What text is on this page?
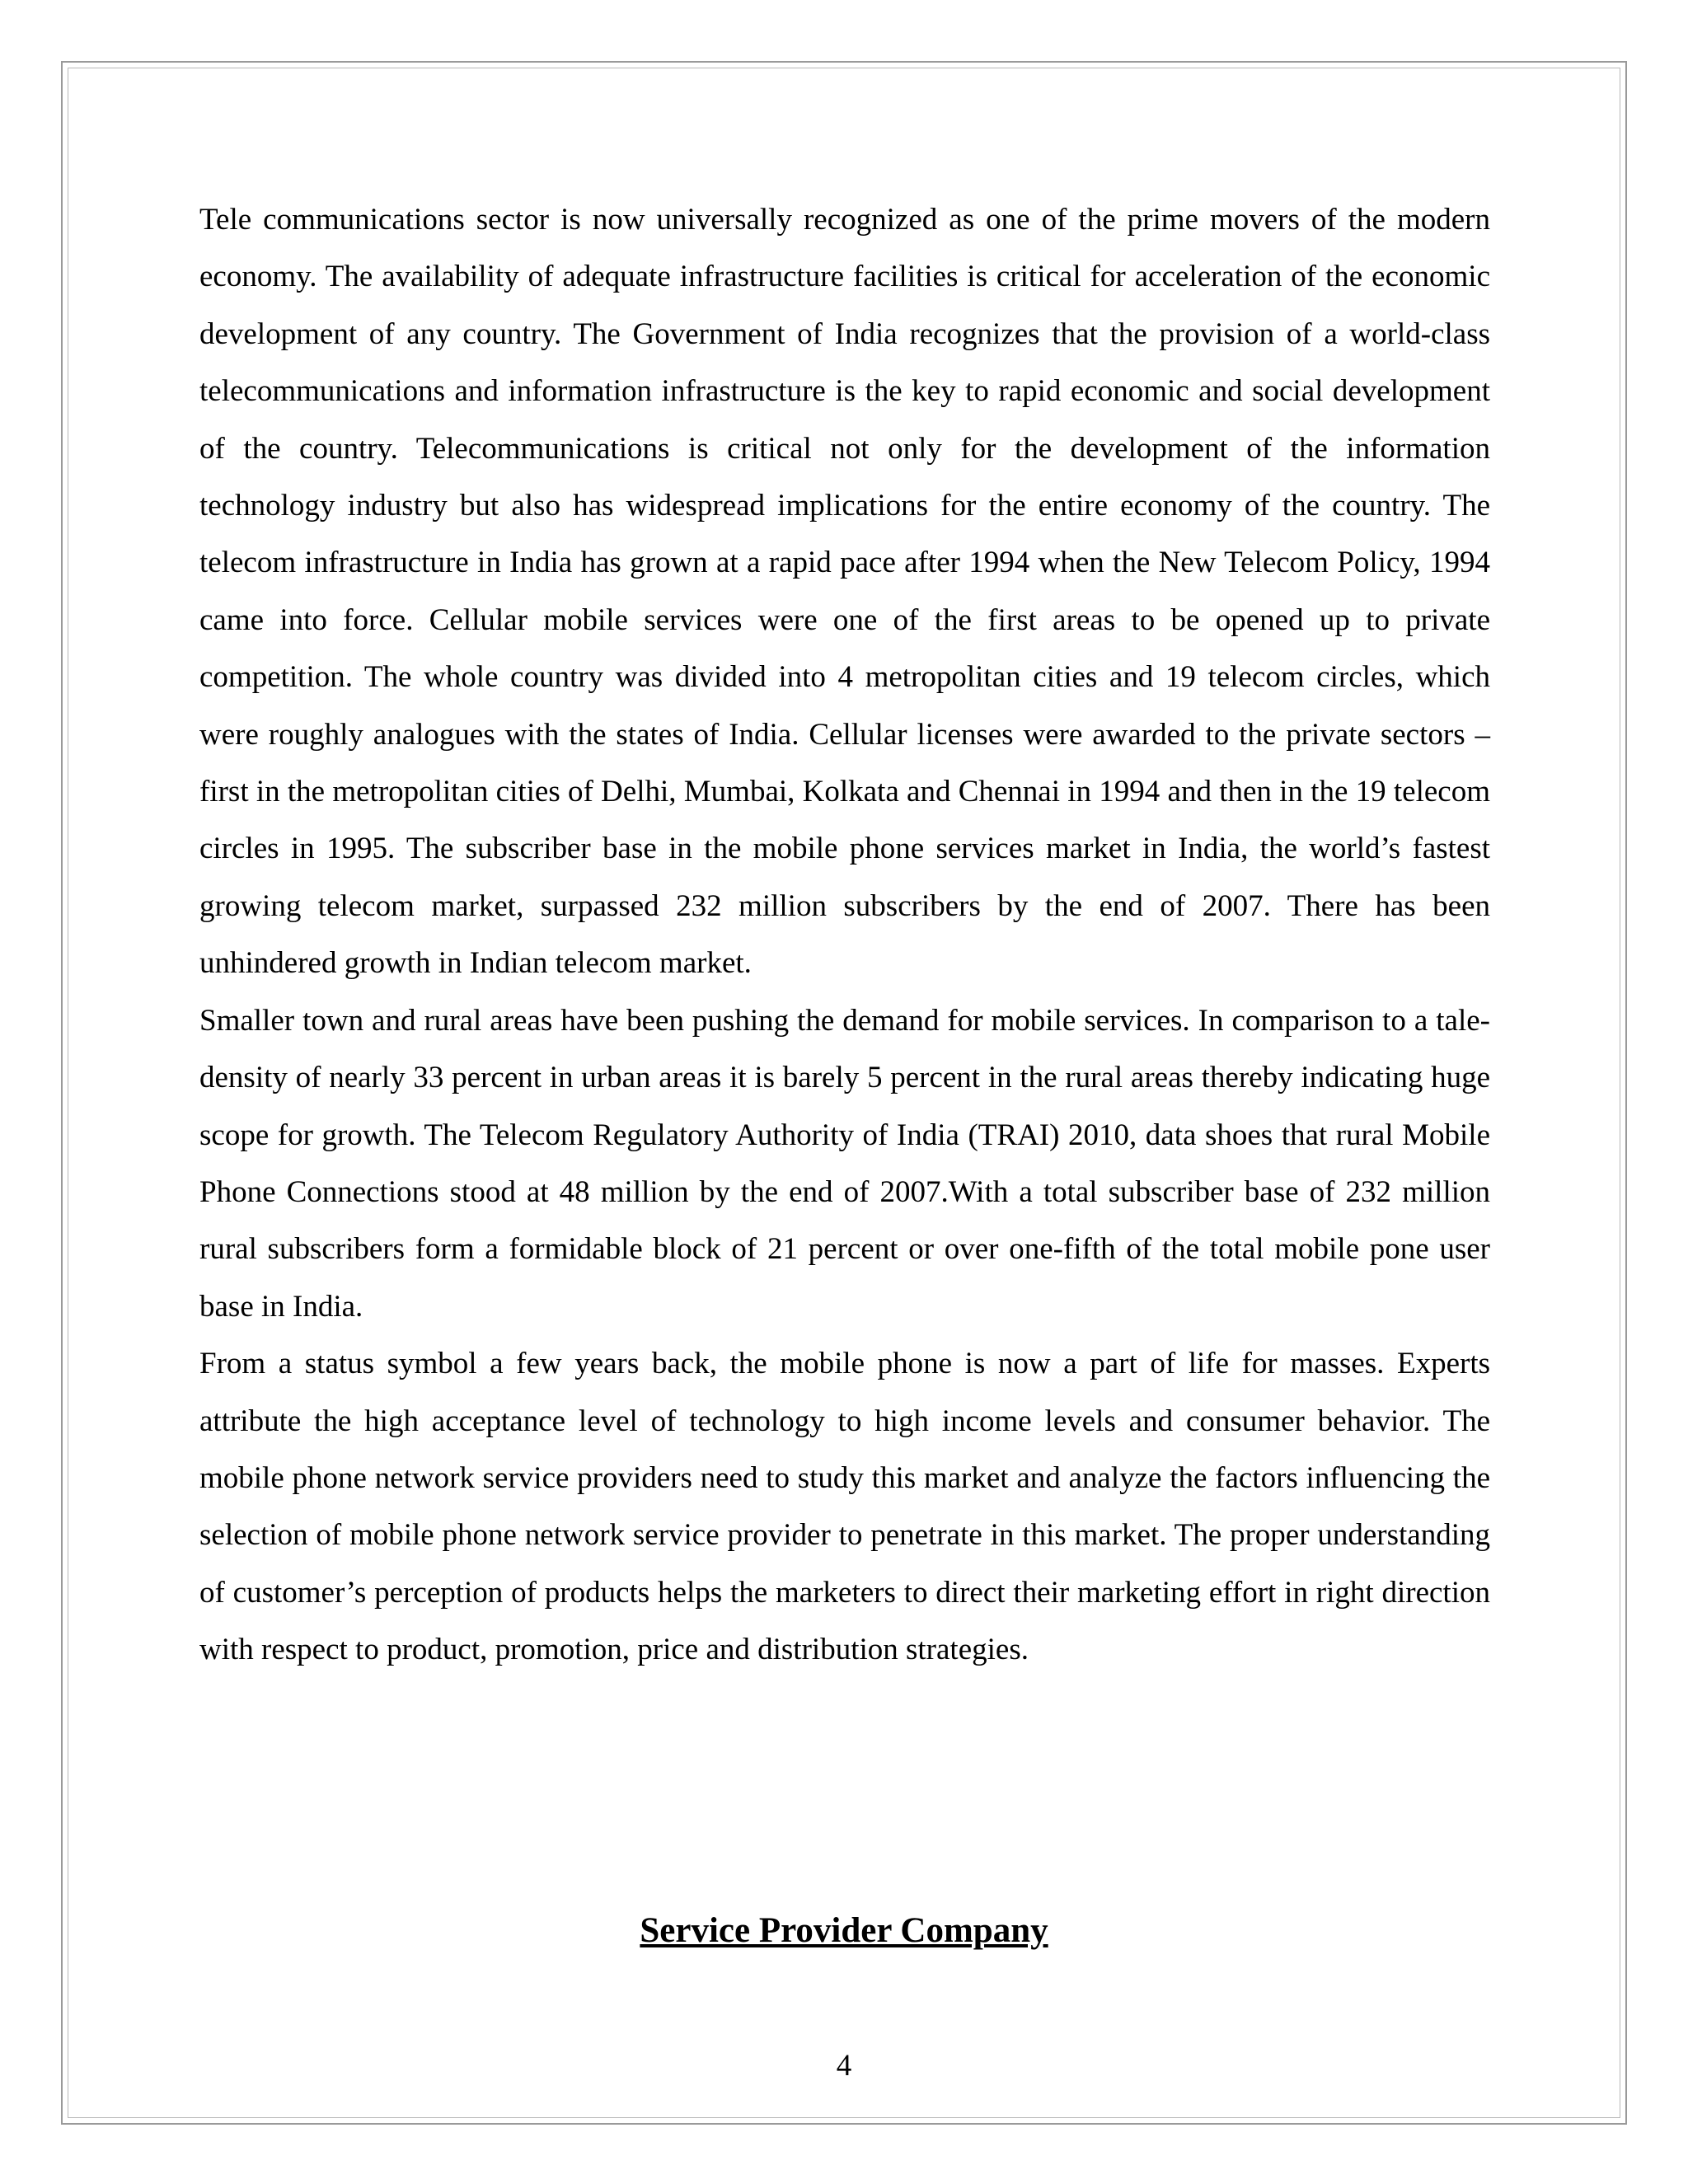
Tele communications sector is now universally recognized as one of the prime movers of the modern economy. The availability of adequate infrastructure facilities is critical for acceleration of the economic development of any country. The Government of India recognizes that the provision of a world-class telecommunications and information infrastructure is the key to rapid economic and social development of the country. Telecommunications is critical not only for the development of the information technology industry but also has widespread implications for the entire economy of the country. The telecom infrastructure in India has grown at a rapid pace after 1994 when the New Telecom Policy, 1994 came into force. Cellular mobile services were one of the first areas to be opened up to private competition. The whole country was divided into 4 metropolitan cities and 19 telecom circles, which were roughly analogues with the states of India. Cellular licenses were awarded to the private sectors – first in the metropolitan cities of Delhi, Mumbai, Kolkata and Chennai in 1994 and then in the 19 telecom circles in 1995. The subscriber base in the mobile phone services market in India, the world’s fastest growing telecom market, surpassed 232 million subscribers by the end of 2007. There has been unhindered growth in Indian telecom market.

Smaller town and rural areas have been pushing the demand for mobile services. In comparison to a tale-density of nearly 33 percent in urban areas it is barely 5 percent in the rural areas thereby indicating huge scope for growth. The Telecom Regulatory Authority of India (TRAI) 2010, data shoes that rural Mobile Phone Connections stood at 48 million by the end of 2007.With a total subscriber base of 232 million rural subscribers form a formidable block of 21 percent or over one-fifth of the total mobile pone user base in India.

From a status symbol a few years back, the mobile phone is now a part of life for masses. Experts attribute the high acceptance level of technology to high income levels and consumer behavior. The mobile phone network service providers need to study this market and analyze the factors influencing the selection of mobile phone network service provider to penetrate in this market. The proper understanding of customer’s perception of products helps the marketers to direct their marketing effort in right direction with respect to product, promotion, price and distribution strategies.

Service Provider Company
4
